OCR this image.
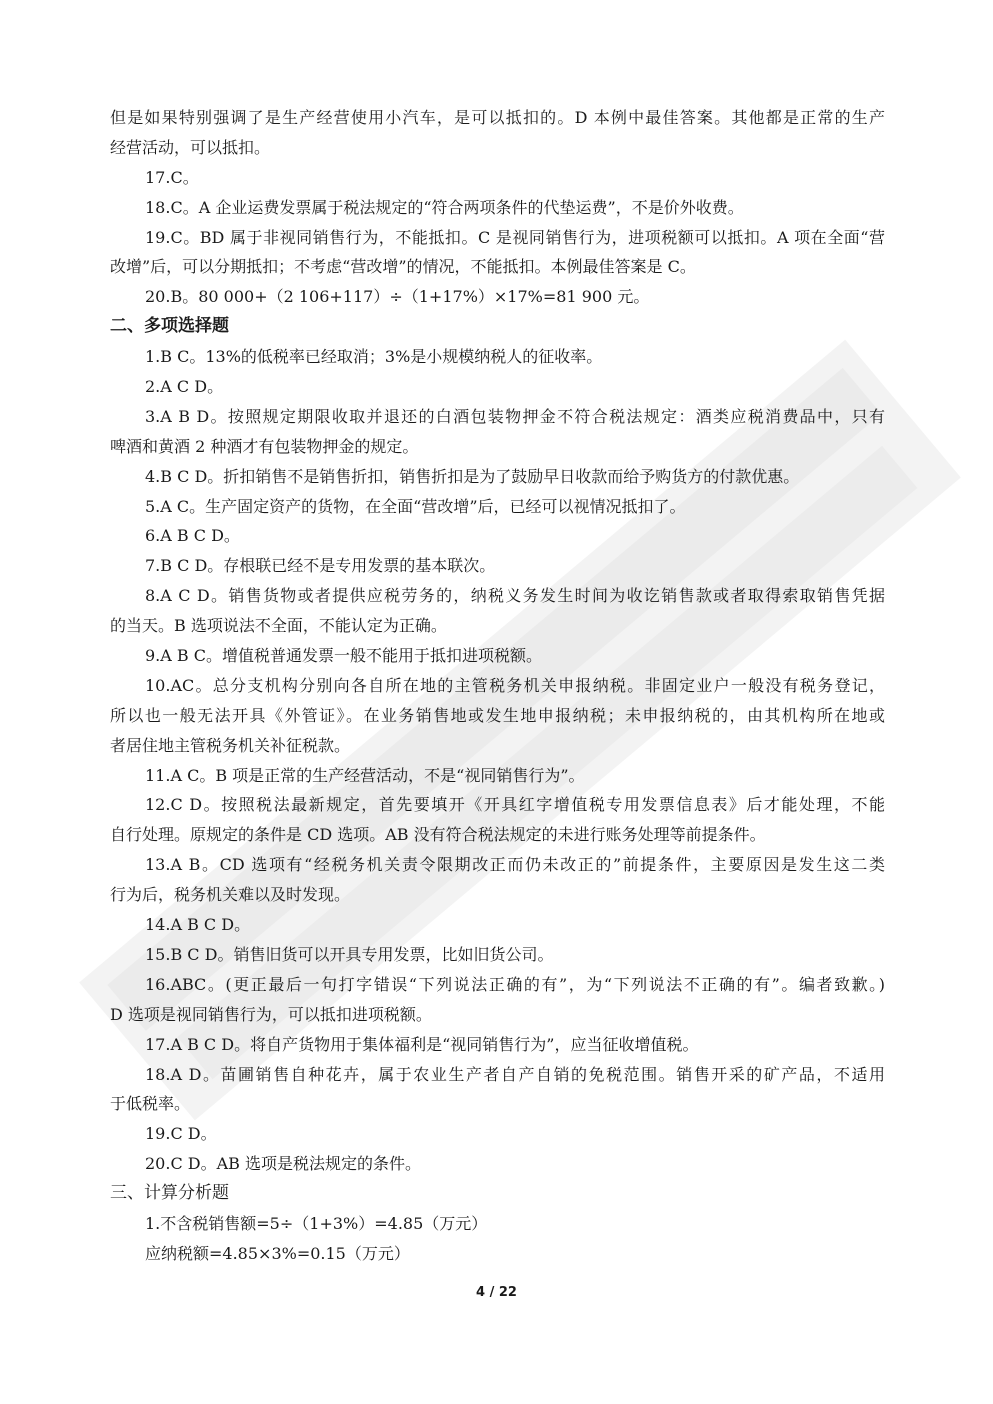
但是如果特别强调了是生产经营使用小汽车，是可以抵扣的。D 本例中最佳答案。其他都是正常的生产
经营活动，可以抵扣。
17.C。
18.C。A 企业运费发票属于税法规定的“符合两项条件的代垫运费”，不是价外收费。
19.C。BD 属于非视同销售行为，不能抵扣。C 是视同销售行为，进项税额可以抵扣。A 项在全面“营
改增”后，可以分期抵扣；不考虑“营改增”的情况，不能抵扣。本例最佳答案是 C。
20.B。80 000+（2 106+117）÷（1+17%）×17%=81 900 元。
二、多项选择题
1.B C。13%的低税率已经取消；3%是小规模纳税人的征收率。
2.A C D。
3.A B D。按照规定期限收取并退还的白酒包装物押金不符合税法规定：酒类应税消费品中，只有
啤酒和黄酒 2 种酒才有包装物押金的规定。
4.B C D。折扣销售不是销售折扣，销售折扣是为了鼓励早日收款而给予购货方的付款优惠。
5.A C。生产固定资产的货物，在全面“营改增”后，已经可以视情况抵扣了。
6.A B C D。
7.B C D。存根联已经不是专用发票的基本联次。
8.A C D。销售货物或者提供应税劳务的，纳税义务发生时间为收讫销售款或者取得索取销售凭据
的当天。B 选项说法不全面，不能认定为正确。
9.A B C。增值税普通发票一般不能用于抵扣进项税额。
10.AC。总分支机构分别向各自所在地的主管税务机关申报纳税。非固定业户一般没有税务登记，
所以也一般无法开具《外管证》。在业务销售地或发生地申报纳税；未申报纳税的，由其机构所在地或
者居住地主管税务机关补征税款。
11.A C。B 项是正常的生产经营活动，不是“视同销售行为”。
12.C D。按照税法最新规定，首先要填开《开具红字增值税专用发票信息表》后才能处理，不能
自行处理。原规定的条件是 CD 选项。AB 没有符合税法规定的未进行账务处理等前提条件。
13.A B。CD 选项有“经税务机关责令限期改正而仍未改正的”前提条件，主要原因是发生这二类
行为后，税务机关难以及时发现。
14.A B C D。
15.B C D。销售旧货可以开具专用发票，比如旧货公司。
16.ABC。(更正最后一句打字错误“下列说法正确的有”，为“下列说法不正确的有”。编者致歉。)
D 选项是视同销售行为，可以抵扣进项税额。
17.A B C D。将自产货物用于集体福利是“视同销售行为”，应当征收增值税。
18.A D。苗圃销售自种花卉，属于农业生产者自产自销的免税范围。销售开采的矿产品，不适用
于低税率。
19.C D。
20.C D。AB 选项是税法规定的条件。
三、计算分析题
1.不含税销售额=5÷（1+3%）=4.85（万元）
应纳税额=4.85×3%=0.15（万元）
4 / 22
